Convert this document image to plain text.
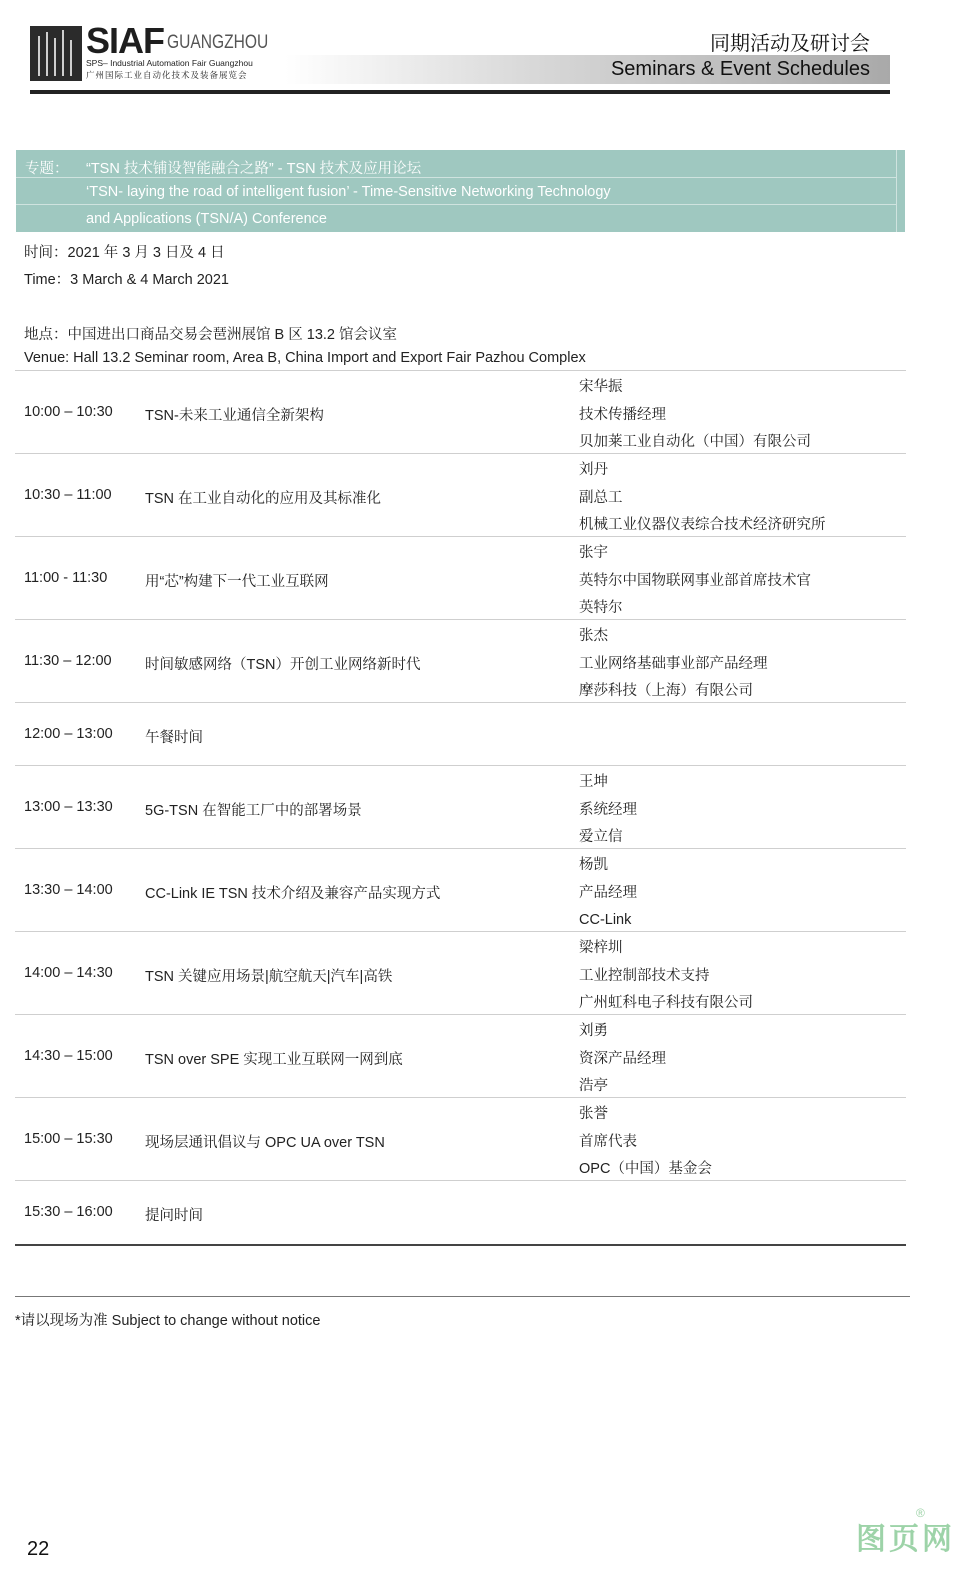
SIAF GUANGZHOU
SPS– Industrial Automation Fair Guangzhou
广州国际工业自动化技术及装备展览会
同期活动及研讨会
Seminars & Event Schedules
专题： “TSN 技术铺设智能融合之路” - TSN 技术及应用论坛
‘TSN- laying the road of intelligent fusion’ - Time-Sensitive Networking Technology
and Applications (TSN/A) Conference
时间：2021 年 3 月 3 日及 4 日
Time：3 March & 4 March 2021
地点：中国进出口商品交易会琶洲展馆 B 区 13.2 馆会议室
Venue: Hall 13.2 Seminar room, Area B, China Import and Export Fair Pazhou Complex
10:00 – 10:30 TSN-未来工业通信全新架构
宋华振
技术传播经理
贝加莱工业自动化（中国）有限公司
10:30 – 11:00 TSN 在工业自动化的应用及其标准化
刘丹
副总工
机械工业仪器仪表综合技术经济研究所
11:00 - 11:30	用“芯”构建下一代工业互联网
张宇
英特尔中国物联网事业部首席技术官
英特尔
11:30 – 12:00 时间敏感网络（TSN）开创工业网络新时代
张杰
工业网络基础事业部产品经理
摩莎科技（上海）有限公司
12:00 – 13:00 午餐时间
13:00 – 13:30 5G-TSN 在智能工厂中的部署场景
王坤
系统经理
爱立信
13:30 – 14:00 CC-Link IE TSN 技术介绍及兼容产品实现方式
杨凯
产品经理
CC-Link
14:00 – 14:30 TSN 关键应用场景|航空航天|汽车|高铁
梁梓圳
工业控制部技术支持
广州虹科电子科技有限公司
14:30 – 15:00 TSN over SPE 实现工业互联网一网到底
刘勇
资深产品经理
浩亭
15:00 – 15:30 现场层通讯倡议与 OPC UA over TSN
张誉
首席代表
OPC（中国）基金会
15:30 – 16:00 提问时间
*请以现场为准 Subject to change without notice
22	图页网
®
